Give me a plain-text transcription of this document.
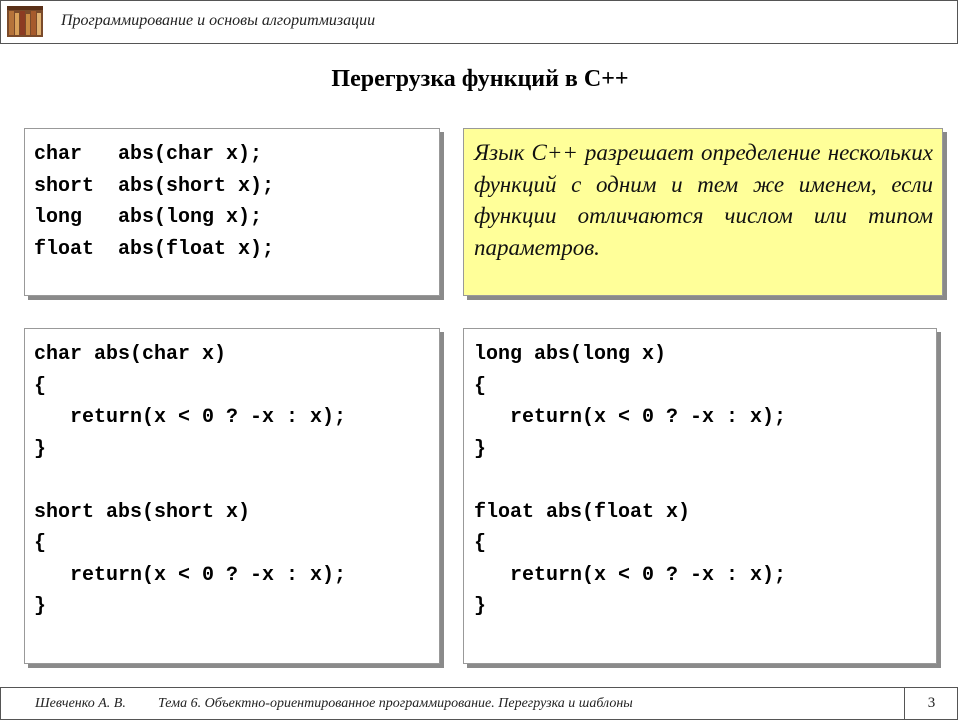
Программирование и основы алгоритмизации
Перегрузка функций в С++
char   abs(char x);
short  abs(short x);
long   abs(long x);
float  abs(float x);
Язык С++ разрешает определение нескольких функций с одним и тем же именем, если функции отличаются числом или типом параметров.
char abs(char x)
{
return(x < 0 ? -x : x);
}

short abs(short x)
{
return(x < 0 ? -x : x);
}
long abs(long x)
{
return(x < 0 ? -x : x);
}

float abs(float x)
{
return(x < 0 ? -x : x);
}
Шевченко А. В. Тема 6. Объектно-ориентированное программирование. Перегрузка и шаблоны	3
